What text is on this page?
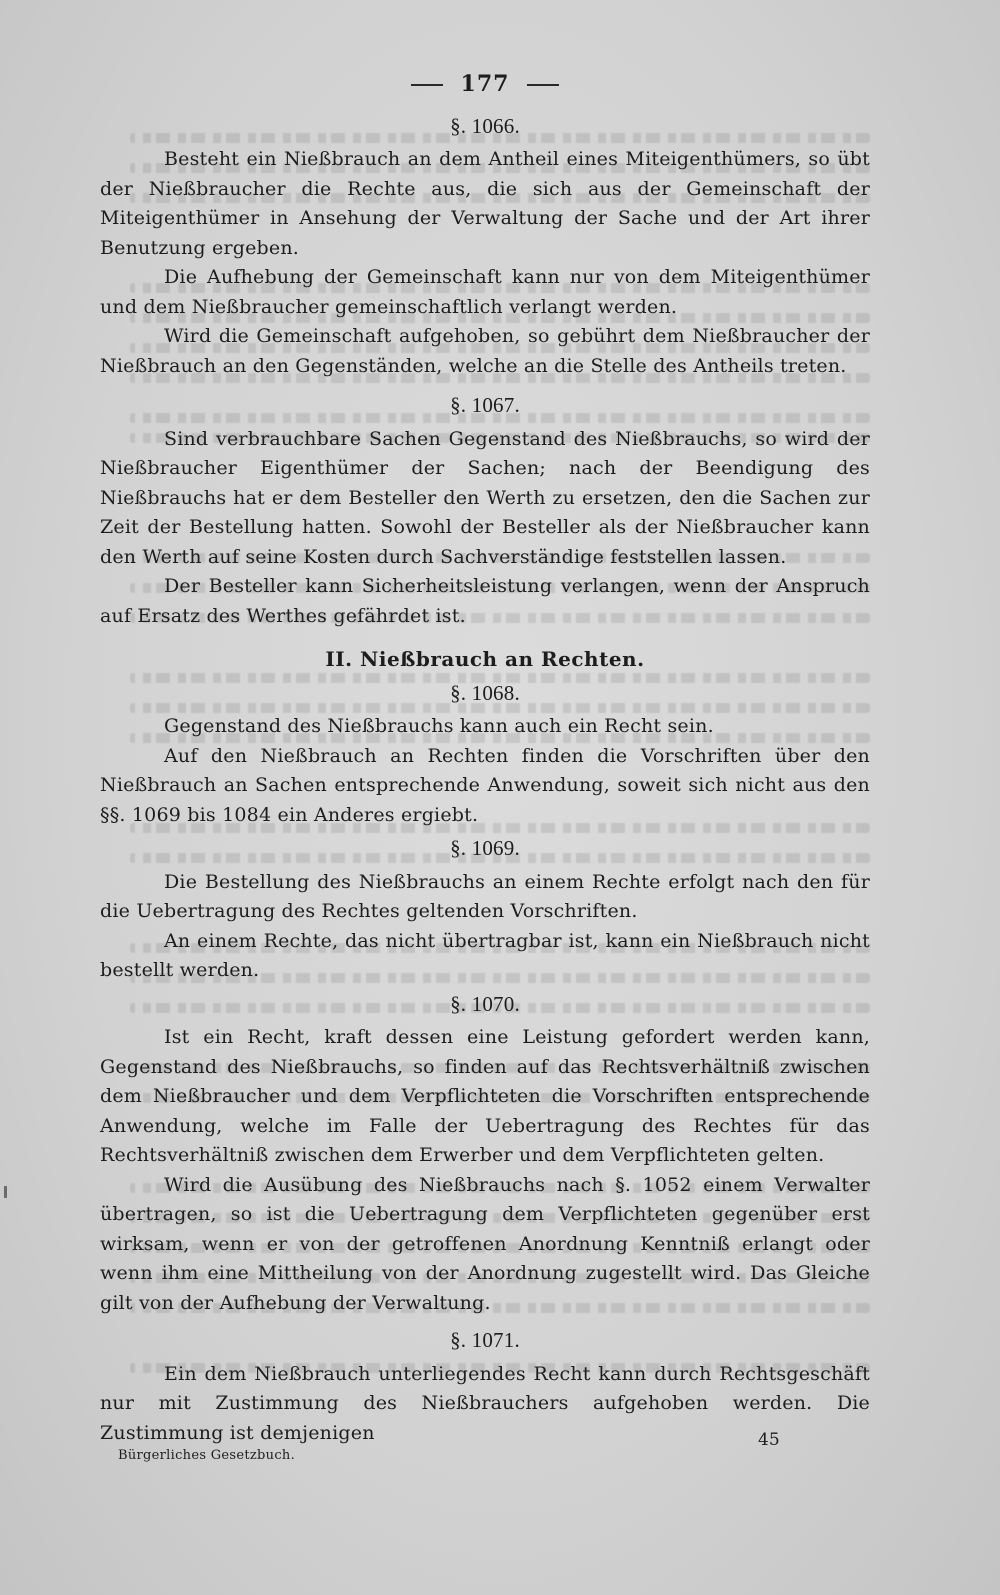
177
§. 1066.

Besteht ein Nießbrauch an dem Antheil eines Miteigenthümers, so übt der Nießbraucher die Rechte aus, die sich aus der Gemeinschaft der Miteigenthümer in Ansehung der Verwaltung der Sache und der Art ihrer Benutzung ergeben.

Die Aufhebung der Gemeinschaft kann nur von dem Miteigenthümer und dem Nießbraucher gemeinschaftlich verlangt werden.

Wird die Gemeinschaft aufgehoben, so gebührt dem Nießbraucher der Nießbrauch an den Gegenständen, welche an die Stelle des Antheils treten.

§. 1067.

Sind verbrauchbare Sachen Gegenstand des Nießbrauchs, so wird der Nießbraucher Eigenthümer der Sachen; nach der Beendigung des Nießbrauchs hat er dem Besteller den Werth zu ersetzen, den die Sachen zur Zeit der Bestellung hatten. Sowohl der Besteller als der Nießbraucher kann den Werth auf seine Kosten durch Sachverständige feststellen lassen.

Der Besteller kann Sicherheitsleistung verlangen, wenn der Anspruch auf Ersatz des Werthes gefährdet ist.

II. Nießbrauch an Rechten.
§. 1068.

Gegenstand des Nießbrauchs kann auch ein Recht sein.

Auf den Nießbrauch an Rechten finden die Vorschriften über den Nießbrauch an Sachen entsprechende Anwendung, soweit sich nicht aus den §§. 1069 bis 1084 ein Anderes ergiebt.

§. 1069.

Die Bestellung des Nießbrauchs an einem Rechte erfolgt nach den für die Uebertragung des Rechtes geltenden Vorschriften.

An einem Rechte, das nicht übertragbar ist, kann ein Nießbrauch nicht bestellt werden.

§. 1070.

Ist ein Recht, kraft dessen eine Leistung gefordert werden kann, Gegenstand des Nießbrauchs, so finden auf das Rechtsverhältniß zwischen dem Nießbraucher und dem Verpflichteten die Vorschriften entsprechende Anwendung, welche im Falle der Uebertragung des Rechtes für das Rechtsverhältniß zwischen dem Erwerber und dem Verpflichteten gelten.

Wird die Ausübung des Nießbrauchs nach §. 1052 einem Verwalter übertragen, so ist die Uebertragung dem Verpflichteten gegenüber erst wirksam, wenn er von der getroffenen Anordnung Kenntniß erlangt oder wenn ihm eine Mittheilung von der Anordnung zugestellt wird. Das Gleiche gilt von der Aufhebung der Verwaltung.

§. 1071.

Ein dem Nießbrauch unterliegendes Recht kann durch Rechtsgeschäft nur mit Zustimmung des Nießbrauchers aufgehoben werden. Die Zustimmung ist demjenigen

Bürgerliches Gesetzbuch.
45
